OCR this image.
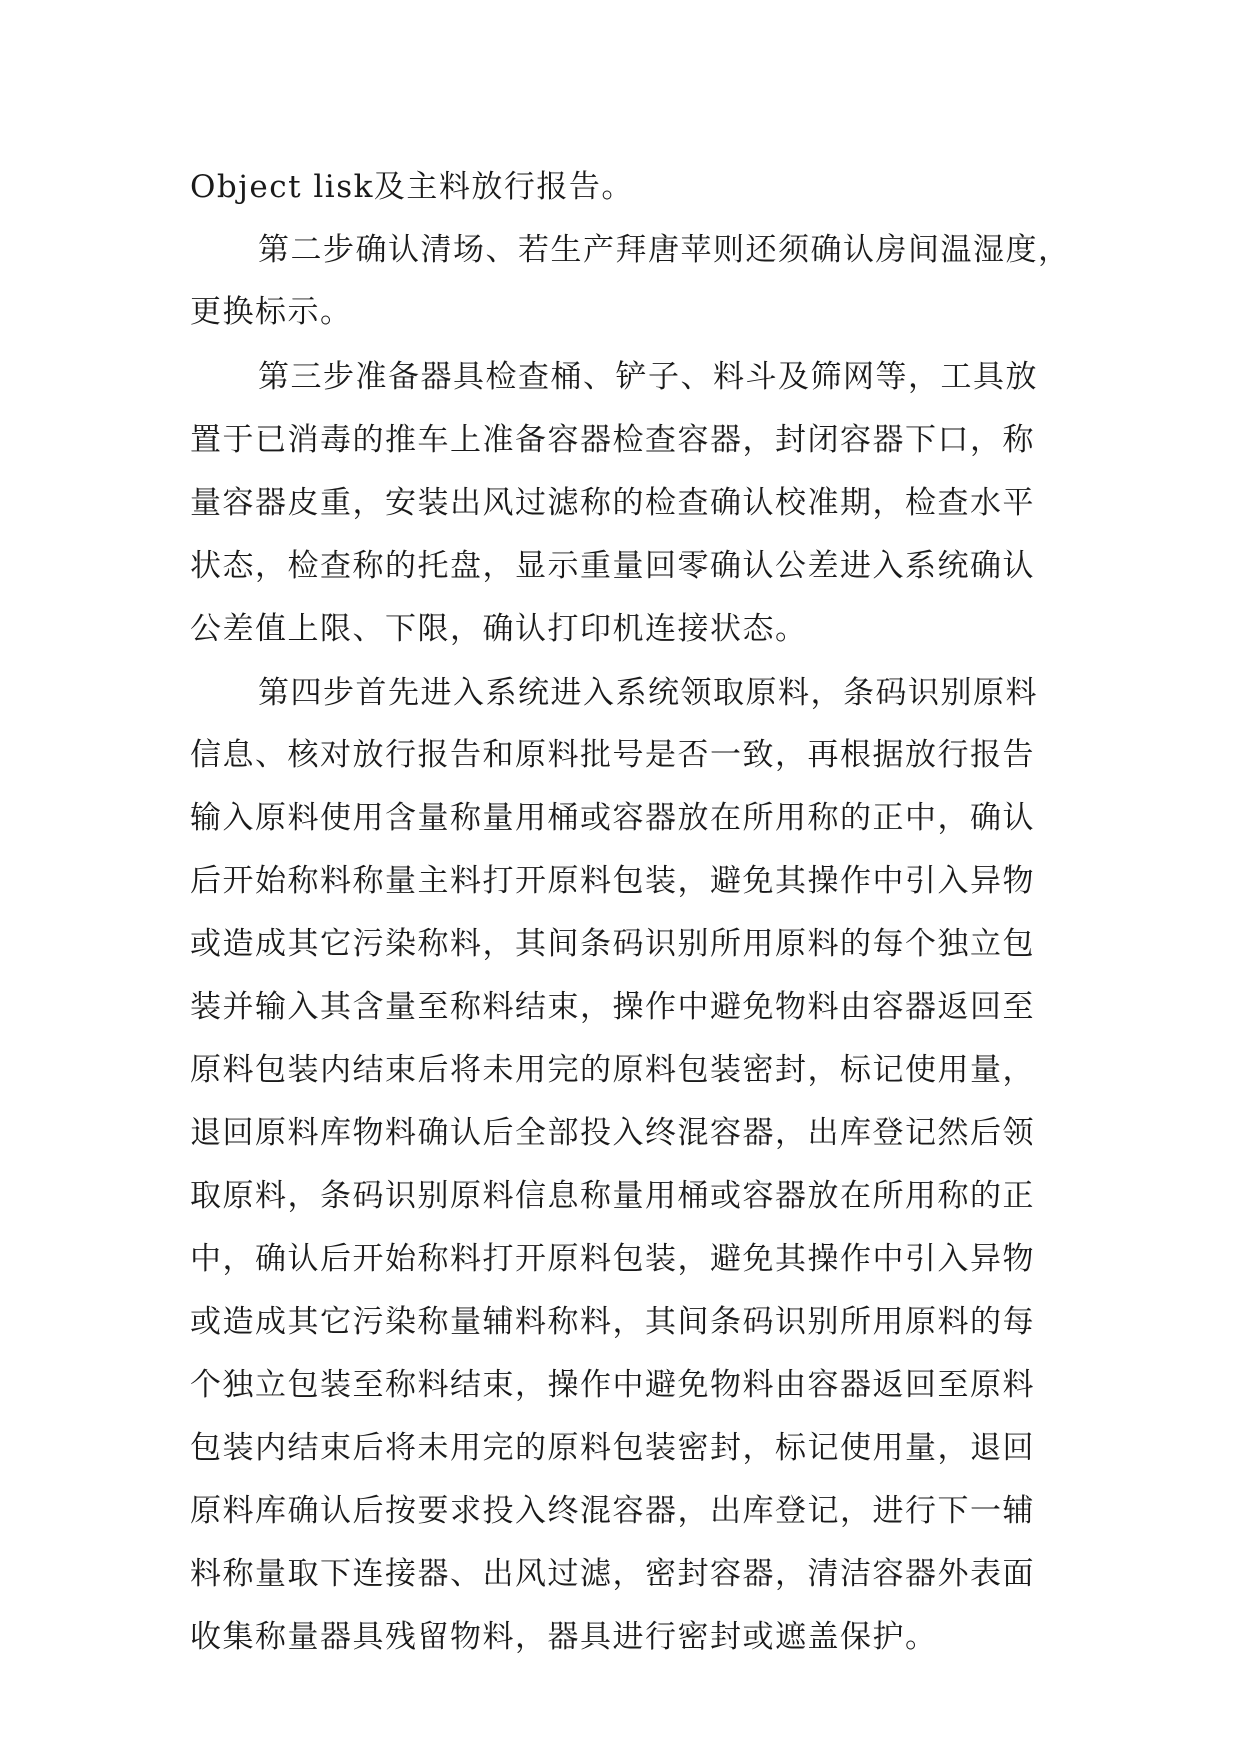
Object lisk及主料放行报告。

第二步确认清场、若生产拜唐苹则还须确认房间温湿度，

更换标示。

第三步准备器具检查桶、铲子、料斗及筛网等，工具放

置于已消毒的推车上准备容器检查容器，封闭容器下口，称

量容器皮重，安装出风过滤称的检查确认校准期，检查水平

状态，检查称的托盘，显示重量回零确认公差进入系统确认

公差值上限、下限，确认打印机连接状态。

第四步首先进入系统进入系统领取原料，条码识别原料

信息、核对放行报告和原料批号是否一致，再根据放行报告

输入原料使用含量称量用桶或容器放在所用称的正中，确认

后开始称料称量主料打开原料包装，避免其操作中引入异物

或造成其它污染称料，其间条码识别所用原料的每个独立包

装并输入其含量至称料结束，操作中避免物料由容器返回至

原料包装内结束后将未用完的原料包装密封，标记使用量，

退回原料库物料确认后全部投入终混容器，出库登记然后领

取原料，条码识别原料信息称量用桶或容器放在所用称的正

中，确认后开始称料打开原料包装，避免其操作中引入异物

或造成其它污染称量辅料称料，其间条码识别所用原料的每

个独立包装至称料结束，操作中避免物料由容器返回至原料

包装内结束后将未用完的原料包装密封，标记使用量，退回

原料库确认后按要求投入终混容器，出库登记，进行下一辅

料称量取下连接器、出风过滤，密封容器，清洁容器外表面

收集称量器具残留物料，器具进行密封或遮盖保护。
